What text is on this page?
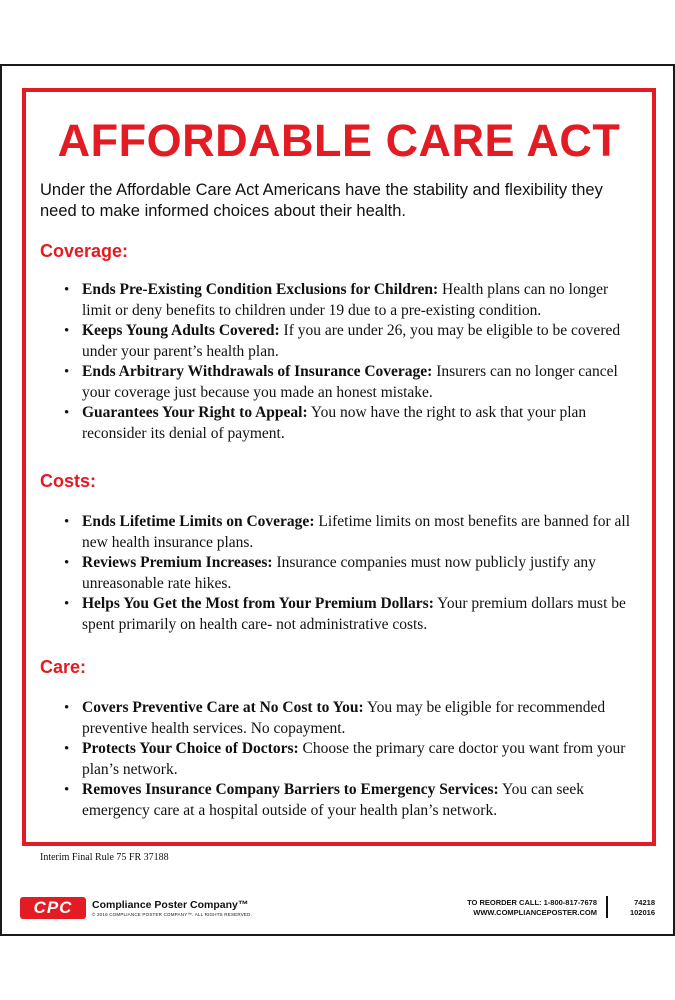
AFFORDABLE CARE ACT
Under the Affordable Care Act Americans have the stability and flexibility they need to make informed choices about their health.
Coverage:
• Ends Pre-Existing Condition Exclusions for Children: Health plans can no longer limit or deny benefits to children under 19 due to a pre-existing condition.
• Keeps Young Adults Covered: If you are under 26, you may be eligible to be covered under your parent’s health plan.
• Ends Arbitrary Withdrawals of Insurance Coverage: Insurers can no longer cancel your coverage just because you made an honest mistake.
• Guarantees Your Right to Appeal: You now have the right to ask that your plan reconsider its denial of payment.
Costs:
• Ends Lifetime Limits on Coverage: Lifetime limits on most benefits are banned for all new health insurance plans.
• Reviews Premium Increases: Insurance companies must now publicly justify any unreasonable rate hikes.
• Helps You Get the Most from Your Premium Dollars: Your premium dollars must be spent primarily on health care- not administrative costs.
Care:
• Covers Preventive Care at No Cost to You: You may be eligible for recommended preventive health services. No copayment.
• Protects Your Choice of Doctors: Choose the primary care doctor you want from your plan’s network.
• Removes Insurance Company Barriers to Emergency Services: You can seek emergency care at a hospital outside of your health plan’s network.
Interim Final Rule 75 FR 37188
CPC	Compliance Poster Company™
© 2016 COMPLIANCE POSTER COMPANY™. ALL RIGHTS RESERVED.
TO REORDER CALL: 1-800-817-7678
WWW.COMPLIANCEPOSTER.COM
74218
102016
